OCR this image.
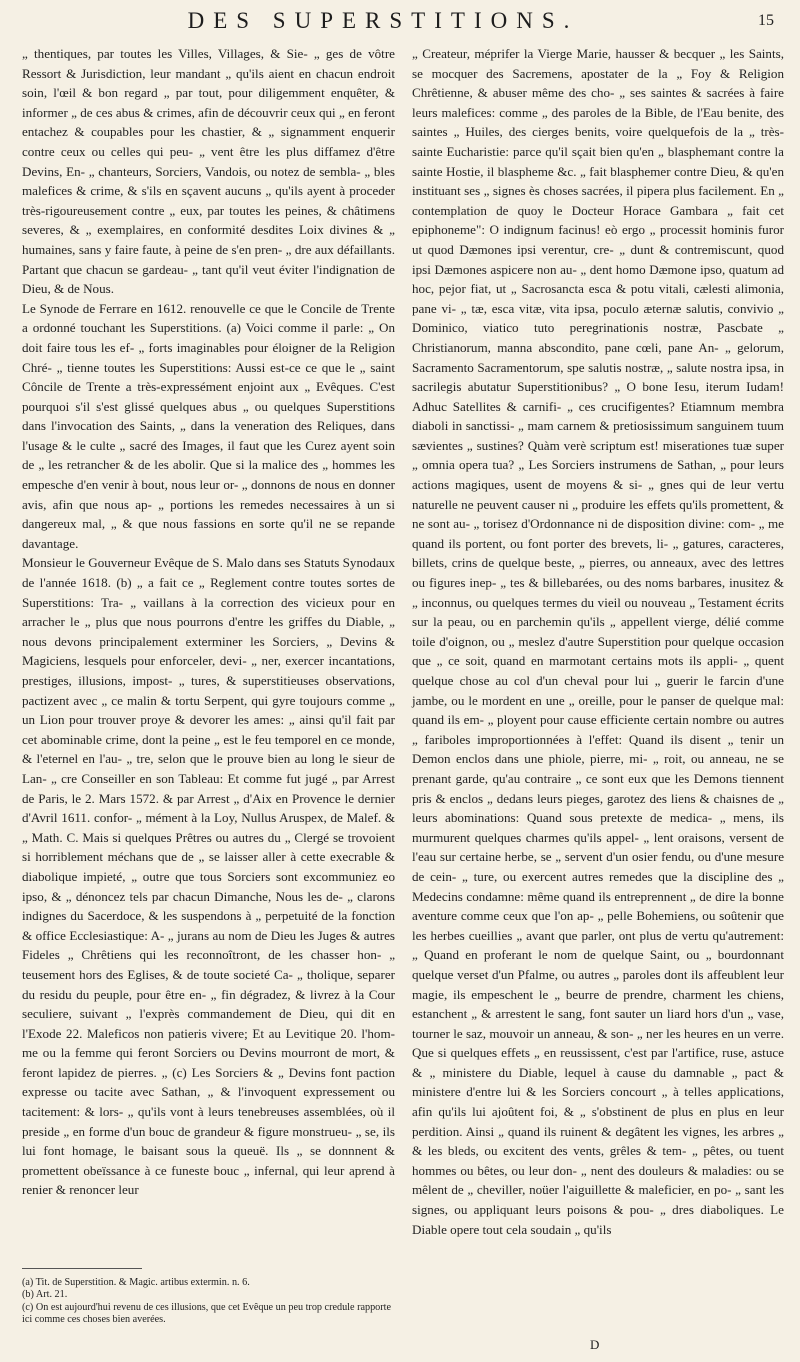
DES SUPERSTITIONS.	15

„ thentiques, par toutes les Villes, Villages, & Sie- „ ges de vôtre Ressort & Jurisdiction, leur mandant „ qu'ils aient en chacun endroit soin, l'œil & bon regard „ par tout, pour diligemment enquêter, & informer „ de ces abus & crimes, afin de découvrir ceux qui „ en feront entachez & coupables pour les chastier, & „ signamment enquerir contre ceux ou celles qui peu- „ vent être les plus diffamez d'être Devins, En- „ chanteurs, Sorciers, Vandois, ou notez de sembla- „ bles malefices & crime, & s'ils en sçavent aucuns „ qu'ils ayent à proceder très-rigoureusement contre „ eux, par toutes les peines, & châtimens severes, & „ exemplaires, en conformité desdites Loix divines & „ humaines, sans y faire faute, à peine de s'en pren- „ dre aux défaillants. Partant que chacun se gardeau- „ tant qu'il veut éviter l'indignation de Dieu, & de Nous.

Le Synode de Ferrare en 1612. renouvelle ce que le Concile de Trente a ordonné touchant les Superstitions. (a) Voici comme il parle: „ On doit faire tous les ef- „ forts imaginables pour éloigner de la Religion Chré- „ tienne toutes les Superstitions: Aussi est-ce ce que le „ saint Côncile de Trente a très-expressément enjoint aux „ Evêques. C'est pourquoi s'il s'est glissé quelques abus „ ou quelques Superstitions dans l'invocation des Saints, „ dans la veneration des Reliques, dans l'usage & le culte „ sacré des Images, il faut que les Curez ayent soin de „ les retrancher & de les abolir. Que si la malice des „ hommes les empesche d'en venir à bout, nous leur or- „ donnons de nous en donner avis, afin que nous ap- „ portions les remedes necessaires à un si dangereux mal, „ & que nous fassions en sorte qu'il ne se repande davantage.

Monsieur le Gouverneur Evêque de S. Malo dans ses Statuts Synodaux de l'année 1618. (b) „ a fait ce „ Reglement contre toutes sortes de Superstitions: Tra- „ vaillans à la correction des vicieux pour en arracher le „ plus que nous pourrons d'entre les griffes du Diable, „ nous devons principalement exterminer les Sorciers, „ Devins & Magiciens, lesquels pour enforceler, devi- „ ner, exercer incantations, prestiges, illusions, impost- „ tures, & superstitieuses observations, pactizent avec „ ce malin & tortu Serpent, qui gyre toujours comme „ un Lion pour trouver proye & devorer les ames: „ ainsi qu'il fait par cet abominable crime, dont la peine „ est le feu temporel en ce monde, & l'eternel en l'au- „ tre, selon que le prouve bien au long le sieur de Lan- „ cre Conseiller en son Tableau: Et comme fut jugé „ par Arrest de Paris, le 2. Mars 1572. & par Arrest „ d'Aix en Provence le dernier d'Avril 1611. confor- „ mément à la Loy, Nullus Aruspex, de Malef. & „ Math. C. Mais si quelques Prêtres ou autres du „ Clergé se trovoient si horriblement méchans que de „ se laisser aller à cette execrable & diabolique impieté, „ outre que tous Sorciers sont excommuniez eo ipso, & „ dénoncez tels par chacun Dimanche, Nous les de- „ clarons indignes du Sacerdoce, & les suspendons à „ perpetuité de la fonction & office Ecclesiastique: A- „ jurans au nom de Dieu les Juges & autres Fideles „ Chrêtiens qui les reconnoîtront, de les chasser hon- „ teusement hors des Eglises, & de toute societé Ca- „ tholique, separer du residu du peuple, pour être en- „ fin dégradez, & livrez à la Cour seculiere, suivant „ l'exprès commandement de Dieu, qui dit en l'Exode 22. Maleficos non patieris vivere; Et au Levitique 20. l'hom- me ou la femme qui feront Sorciers ou Devins mourront de mort, & feront lapidez de pierres. „ (c) Les Sorciers & „ Devins font paction expresse ou tacite avec Sathan, „ & l'invoquent expressement ou tacitement: & lors- „ qu'ils vont à leurs tenebreuses assemblées, où il preside „ en forme d'un bouc de grandeur & figure monstrueu- „ se, ils lui font homage, le baisant sous la queuë. Ils „ se donnnent & promettent obeïssance à ce funeste bouc „ infernal, qui leur aprend à renier & renoncer leur

„ Createur, méprifer la Vierge Marie, hausser & becquer „ les Saints, se mocquer des Sacremens, apostater de la „ Foy & Religion Chrêtienne, & abuser même des cho- „ ses saintes & sacrées à faire leurs malefices: comme „ des paroles de la Bible, de l'Eau benite, des saintes „ Huiles, des cierges benits, voire quelquefois de la „ très-sainte Eucharistie: parce qu'il sçait bien qu'en „ blasphemant contre la sainte Hostie, il blaspheme &c. „ fait blasphemer contre Dieu, & qu'en instituant ses „ signes ès choses sacrées, il pipera plus facilement. En „ contemplation de quoy le Docteur Horace Gambara „ fait cet epiphoneme": O indignum facinus! eò ergo „ processit hominis furor ut quod Dæmones ipsi verentur, cre- „ dunt & contremiscunt, quod ipsi Dæmones aspicere non au- „ dent homo Dæmone ipso, quatum ad hoc, pejor fiat, ut „ Sacrosancta esca & potu vitali, cælesti alimonia, pane vi- „ tæ, esca vitæ, vita ipsa, poculo æternæ salutis, convivio „ Dominico, viatico tuto peregrinationis nostræ, Pascbate „ Christianorum, manna abscondito, pane cœli, pane An- „ gelorum, Sacramento Sacramentorum, spe salutis nostræ, „ salute nostra ipsa, in sacrilegis abutatur Superstitionibus? „ O bone Iesu, iterum Iudam! Adhuc Satellites & carnifi- „ ces crucifigentes? Etiamnum membra diaboli in sanctissi- „ mam carnem & pretiosissimum sanguinem tuum sævientes „ sustines? Quàm verè scriptum est! miserationes tuæ super „ omnia opera tua? „ Les Sorciers instrumens de Sathan, „ pour leurs actions magiques, usent de moyens & si- „ gnes qui de leur vertu naturelle ne peuvent causer ni „ produire les effets qu'ils promettent, & ne sont au- „ torisez d'Ordonnance ni de disposition divine: com- „ me quand ils portent, ou font porter des brevets, li- „ gatures, caracteres, billets, crins de quelque beste, „ pierres, ou anneaux, avec des lettres ou figures inep- „ tes & billebarées, ou des noms barbares, inusitez & „ inconnus, ou quelques termes du vieil ou nouveau „ Testament écrits sur la peau, ou en parchemin qu'ils „ appellent vierge, délié comme toile d'oignon, ou „ meslez d'autre Superstition pour quelque occasion que „ ce soit, quand en marmotant certains mots ils appli- „ quent quelque chose au col d'un cheval pour lui „ guerir le farcin d'une jambe, ou le mordent en une „ oreille, pour le panser de quelque mal: quand ils em- „ ployent pour cause efficiente certain nombre ou autres „ fariboles improportionnées à l'effet: Quand ils disent „ tenir un Demon enclos dans une phiole, pierre, mi- „ roit, ou anneau, ne se prenant garde, qu'au contraire „ ce sont eux que les Demons tiennent pris & enclos „ dedans leurs pieges, garotez des liens & chaisnes de „ leurs abominations: Quand sous pretexte de medica- „ mens, ils murmurent quelques charmes qu'ils appel- „ lent oraisons, versent de l'eau sur certaine herbe, se „ servent d'un osier fendu, ou d'une mesure de cein- „ ture, ou exercent autres remedes que la discipline des „ Medecins condamne: même quand ils entreprennent „ de dire la bonne aventure comme ceux que l'on ap- „ pelle Bohemiens, ou soûtenir que les herbes cueillies „ avant que parler, ont plus de vertu qu'autrement: „ Quand en proferant le nom de quelque Saint, ou „ bourdonnant quelque verset d'un Pfalme, ou autres „ paroles dont ils affeublent leur magie, ils empeschent le „ beurre de prendre, charment les chiens, estanchent „ & arrestent le sang, font sauter un liard hors d'un „ vase, tourner le saz, mouvoir un anneau, & son- „ ner les heures en un verre. Que si quelques effets „ en reussissent, c'est par l'artifice, ruse, astuce & „ ministere du Diable, lequel à cause du damnable „ pact & ministere d'entre lui & les Sorciers concourt „ à telles applications, afin qu'ils lui ajoûtent foi, & „ s'obstinent de plus en plus en leur perdition. Ainsi „ quand ils ruinent & degâtent les vignes, les arbres „ & les bleds, ou excitent des vents, grêles & tem- „ pêtes, ou tuent hommes ou bêtes, ou leur don- „ nent des douleurs & maladies: ou se mêlent de „ cheviller, noüer l'aiguillette & maleficier, en po- „ sant les signes, ou appliquant leurs poisons & pou- „ dres diaboliques. Le Diable opere tout cela soudain „ qu'ils

(a) Tit. de Superstition. & Magic. artibus extermin. n. 6.

(b) Art. 21.

(c) On est aujourd'hui revenu de ces illusions, que cet Evêque un peu trop credule rapporte ici comme ces choses bien averées.

D
